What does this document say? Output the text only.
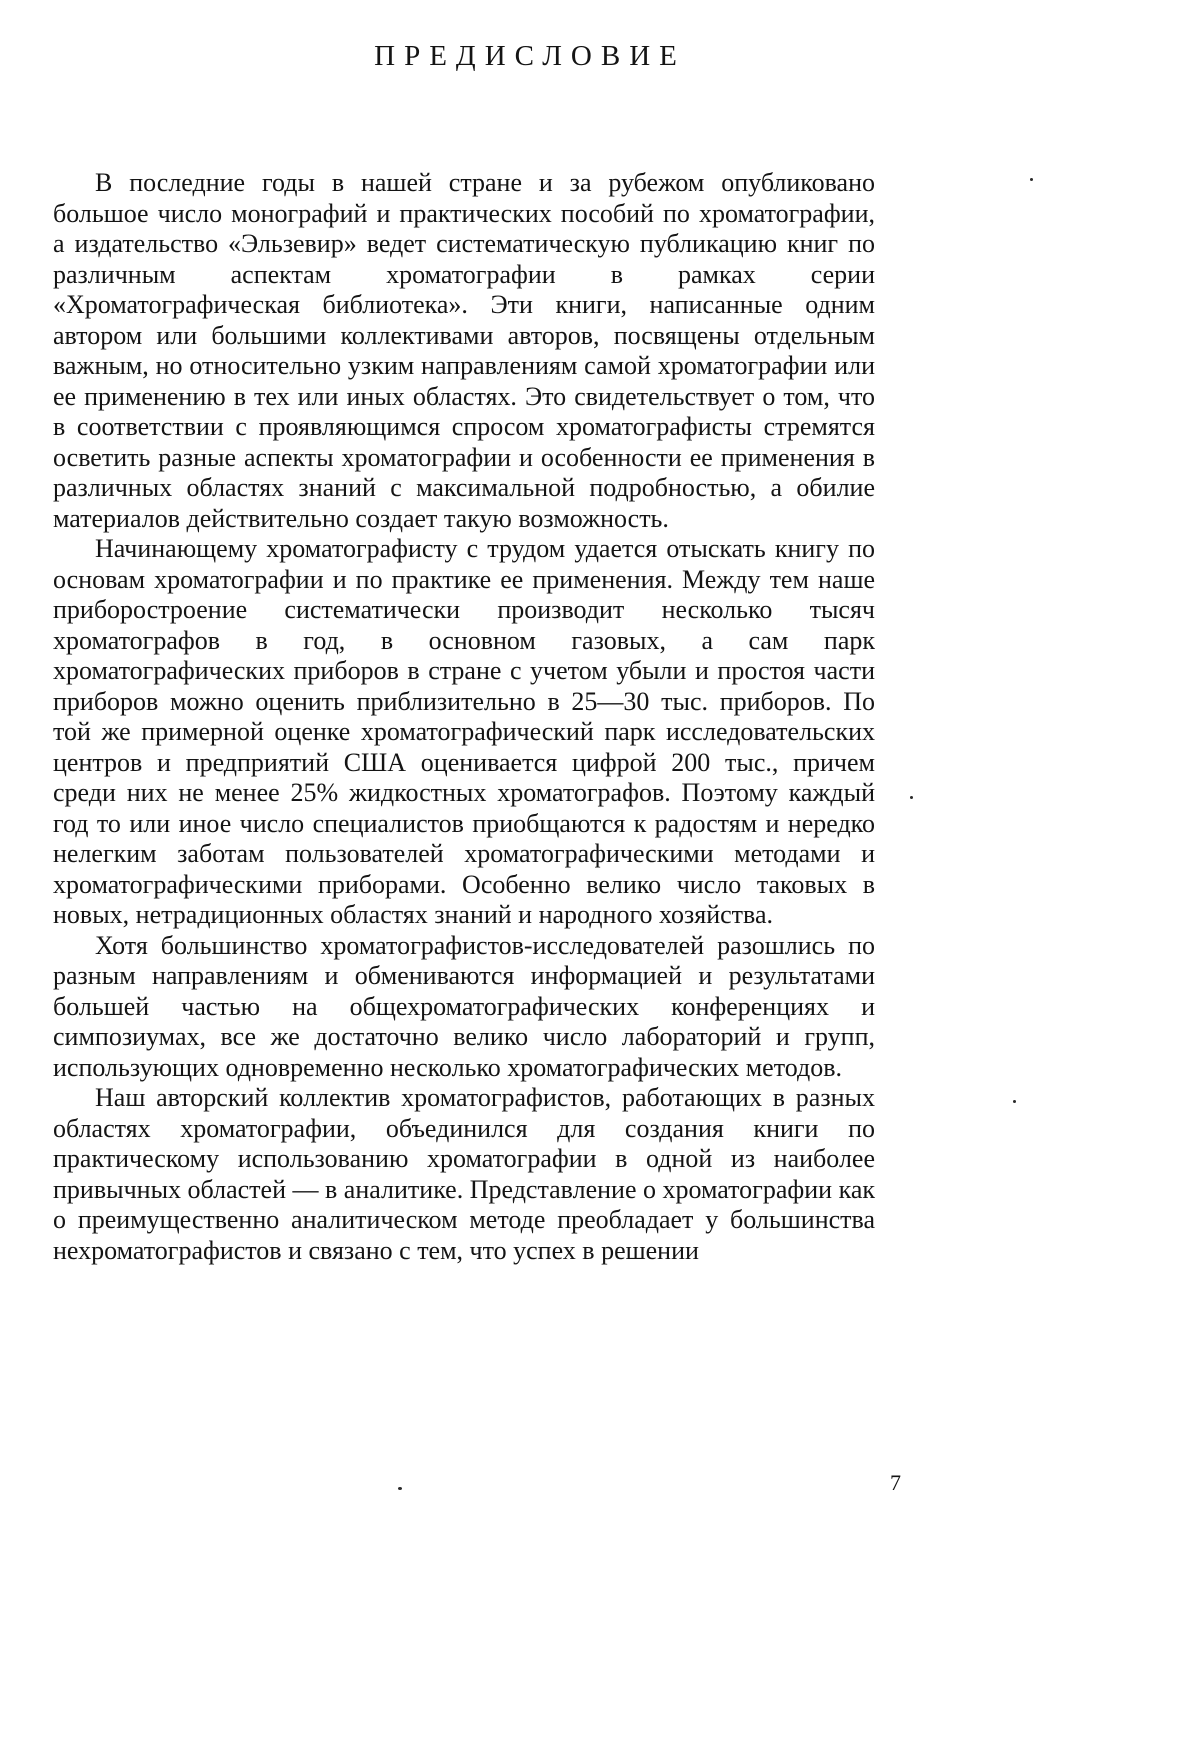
ПРЕДИСЛОВИЕ

В последние годы в нашей стране и за рубежом опубликовано большое число монографий и практических пособий по хроматографии, а издательство «Эльзевир» ведет систематическую публикацию книг по различным аспектам хроматографии в рамках серии «Хроматографическая библиотека». Эти книги, написанные одним автором или большими коллективами авторов, посвящены отдельным важным, но относительно узким направлениям самой хроматографии или ее применению в тех или иных областях. Это свидетельствует о том, что в соответствии с проявляющимся спросом хроматографисты стремятся осветить разные аспекты хроматографии и особенности ее применения в различных областях знаний с максимальной подробностью, а обилие материалов действительно создает такую возможность.

Начинающему хроматографисту с трудом удается отыскать книгу по основам хроматографии и по практике ее применения. Между тем наше приборостроение систематически производит несколько тысяч хроматографов в год, в основном газовых, а сам парк хроматографических приборов в стране с учетом убыли и простоя части приборов можно оценить приблизительно в 25—30 тыс. приборов. По той же примерной оценке хроматографический парк исследовательских центров и предприятий США оценивается цифрой 200 тыс., причем среди них не менее 25% жидкостных хроматографов. Поэтому каждый год то или иное число специалистов приобщаются к радостям и нередко нелегким заботам пользователей хроматографическими методами и хроматографическими приборами. Особенно велико число таковых в новых, нетрадиционных областях знаний и народного хозяйства.

Хотя большинство хроматографистов-исследователей разошлись по разным направлениям и обмениваются информацией и результатами большей частью на общехроматографических конференциях и симпозиумах, все же достаточно велико число лабораторий и групп, использующих одновременно несколько хроматографических методов.

Наш авторский коллектив хроматографистов, работающих в разных областях хроматографии, объединился для создания книги по практическому использованию хроматографии в одной из наиболее привычных областей — в аналитике. Представление о хроматографии как о преимущественно аналитическом методе преобладает у большинства нехроматографистов и связано с тем, что успех в решении

7
